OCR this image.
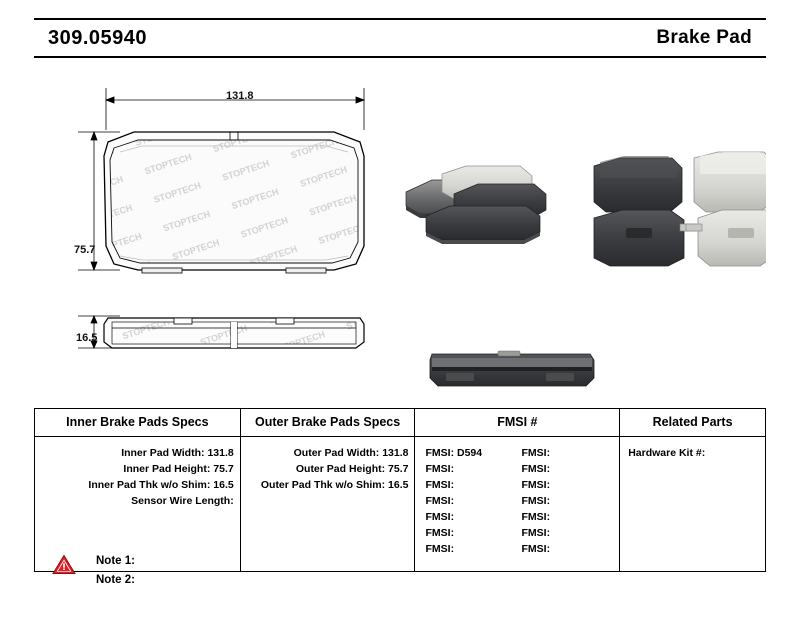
309.05940	Brake Pad
131.8
75.7
16.5
Inner Brake Pads Specs	Outer Brake Pads Specs	FMSI #	Related Parts
Inner Pad Width: 131.8
Inner Pad Height: 75.7
Inner Pad Thk w/o Shim: 16.5
Sensor Wire Length:
Outer Pad Width: 131.8
Outer Pad Height: 75.7
Outer Pad Thk w/o Shim: 16.5
FMSI: D594	FMSI:
FMSI:	FMSI:
FMSI:	FMSI:
FMSI:	FMSI:
FMSI:	FMSI:
FMSI:	FMSI:
FMSI:	FMSI:
Hardware Kit #:
Note 1:
Note 2:
